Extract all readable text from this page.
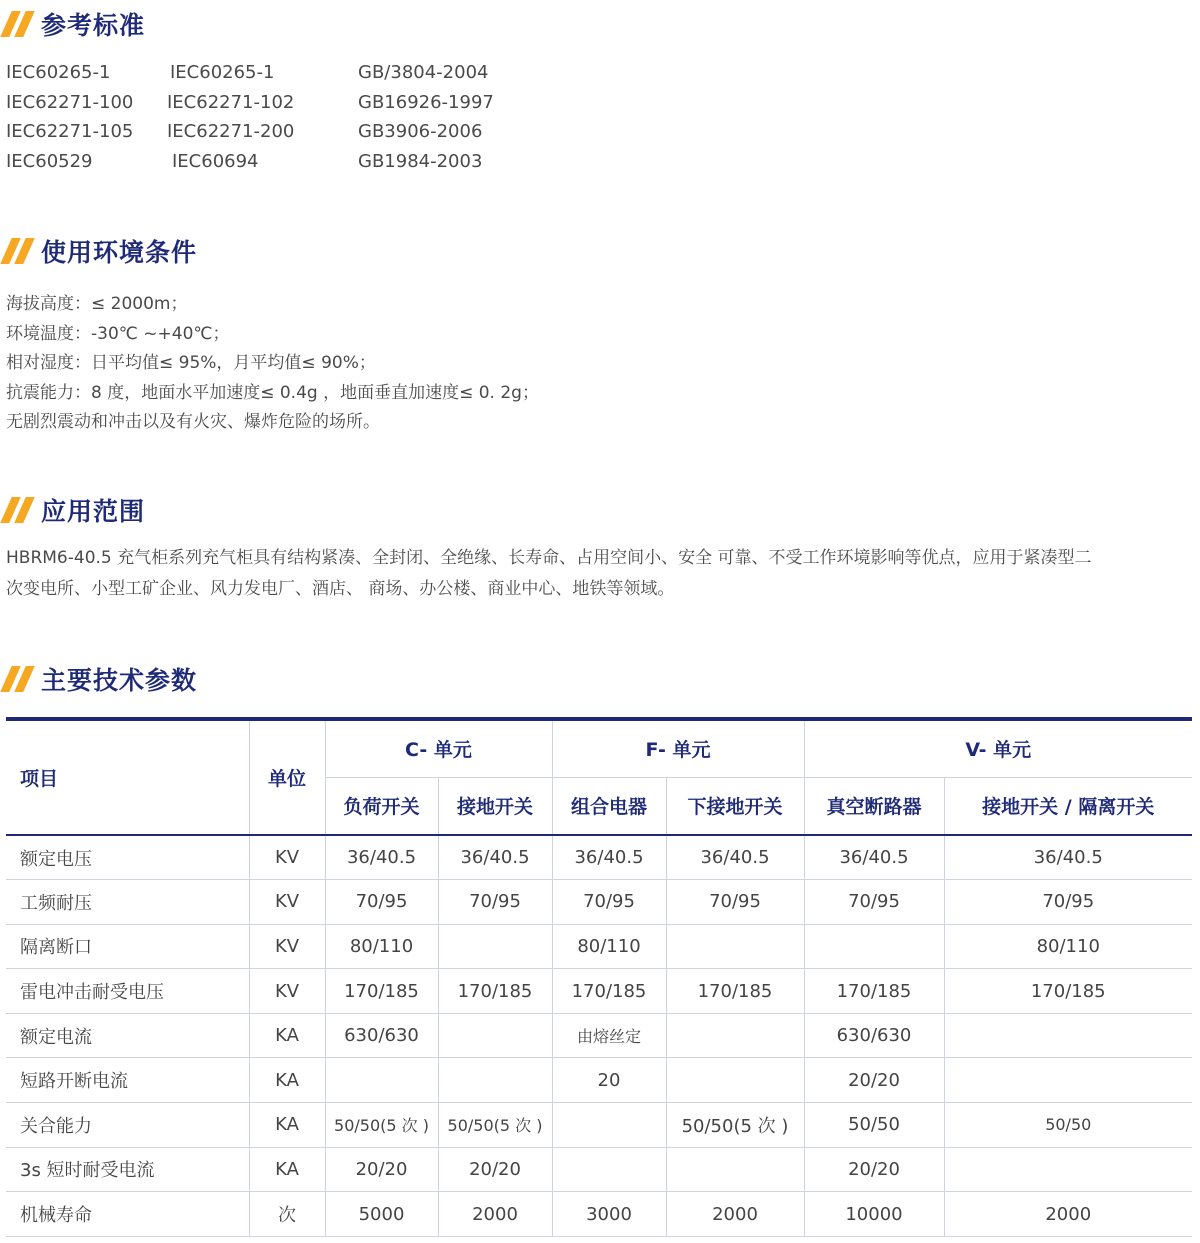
参考标准
IEC60265-1	IEC60265-1	GB/3804-2004
IEC62271-100 IEC62271-102	GB16926-1997
IEC62271-105 IEC62271-200	GB3906-2006
IEC60529	IEC60694	GB1984-2003
使用环境条件
海拔高度：≤ 2000m；
环境温度：-30℃ ~+40℃；
相对湿度：日平均值≤ 95%，月平均值≤ 90%；
抗震能力：8 度，地面水平加速度≤ 0.4g ，地面垂直加速度≤ 0. 2g；
无剧烈震动和冲击以及有火灾、爆炸危险的场所。
应用范围
HBRM6-40.5 充气柜系列充气柜具有结构紧凑、全封闭、全绝缘、长寿命、占用空间小、安全 可靠、不受工作环境影响等优点，应用于紧凑型二
次变电所、小型工矿企业、风力发电厂、酒店、 商场、办公楼、商业中心、地铁等领域。
主要技术参数
项目	单位	C- 单元		F- 单元		V- 单元	
		负荷开关	接地开关	组合电器	下接地开关	真空断路器	接地开关 / 隔离开关
额定电压	KV	36/40.5	36/40.5	36/40.5	36/40.5	36/40.5	36/40.5
工频耐压	KV	70/95	70/95	70/95	70/95	70/95	70/95
隔离断口	KV	80/110		80/110			80/110
雷电冲击耐受电压	KV	170/185	170/185	170/185	170/185	170/185	170/185
额定电流	KA	630/630		由熔丝定		630/630	
短路开断电流	KA			20		20/20	
关合能力	KA	50/50(5 次 )	50/50(5 次 )		50/50(5 次 )	50/50	50/50
3s 短时耐受电流	KA	20/20	20/20			20/20	
机械寿命	次	5000	2000	3000	2000	10000	2000
